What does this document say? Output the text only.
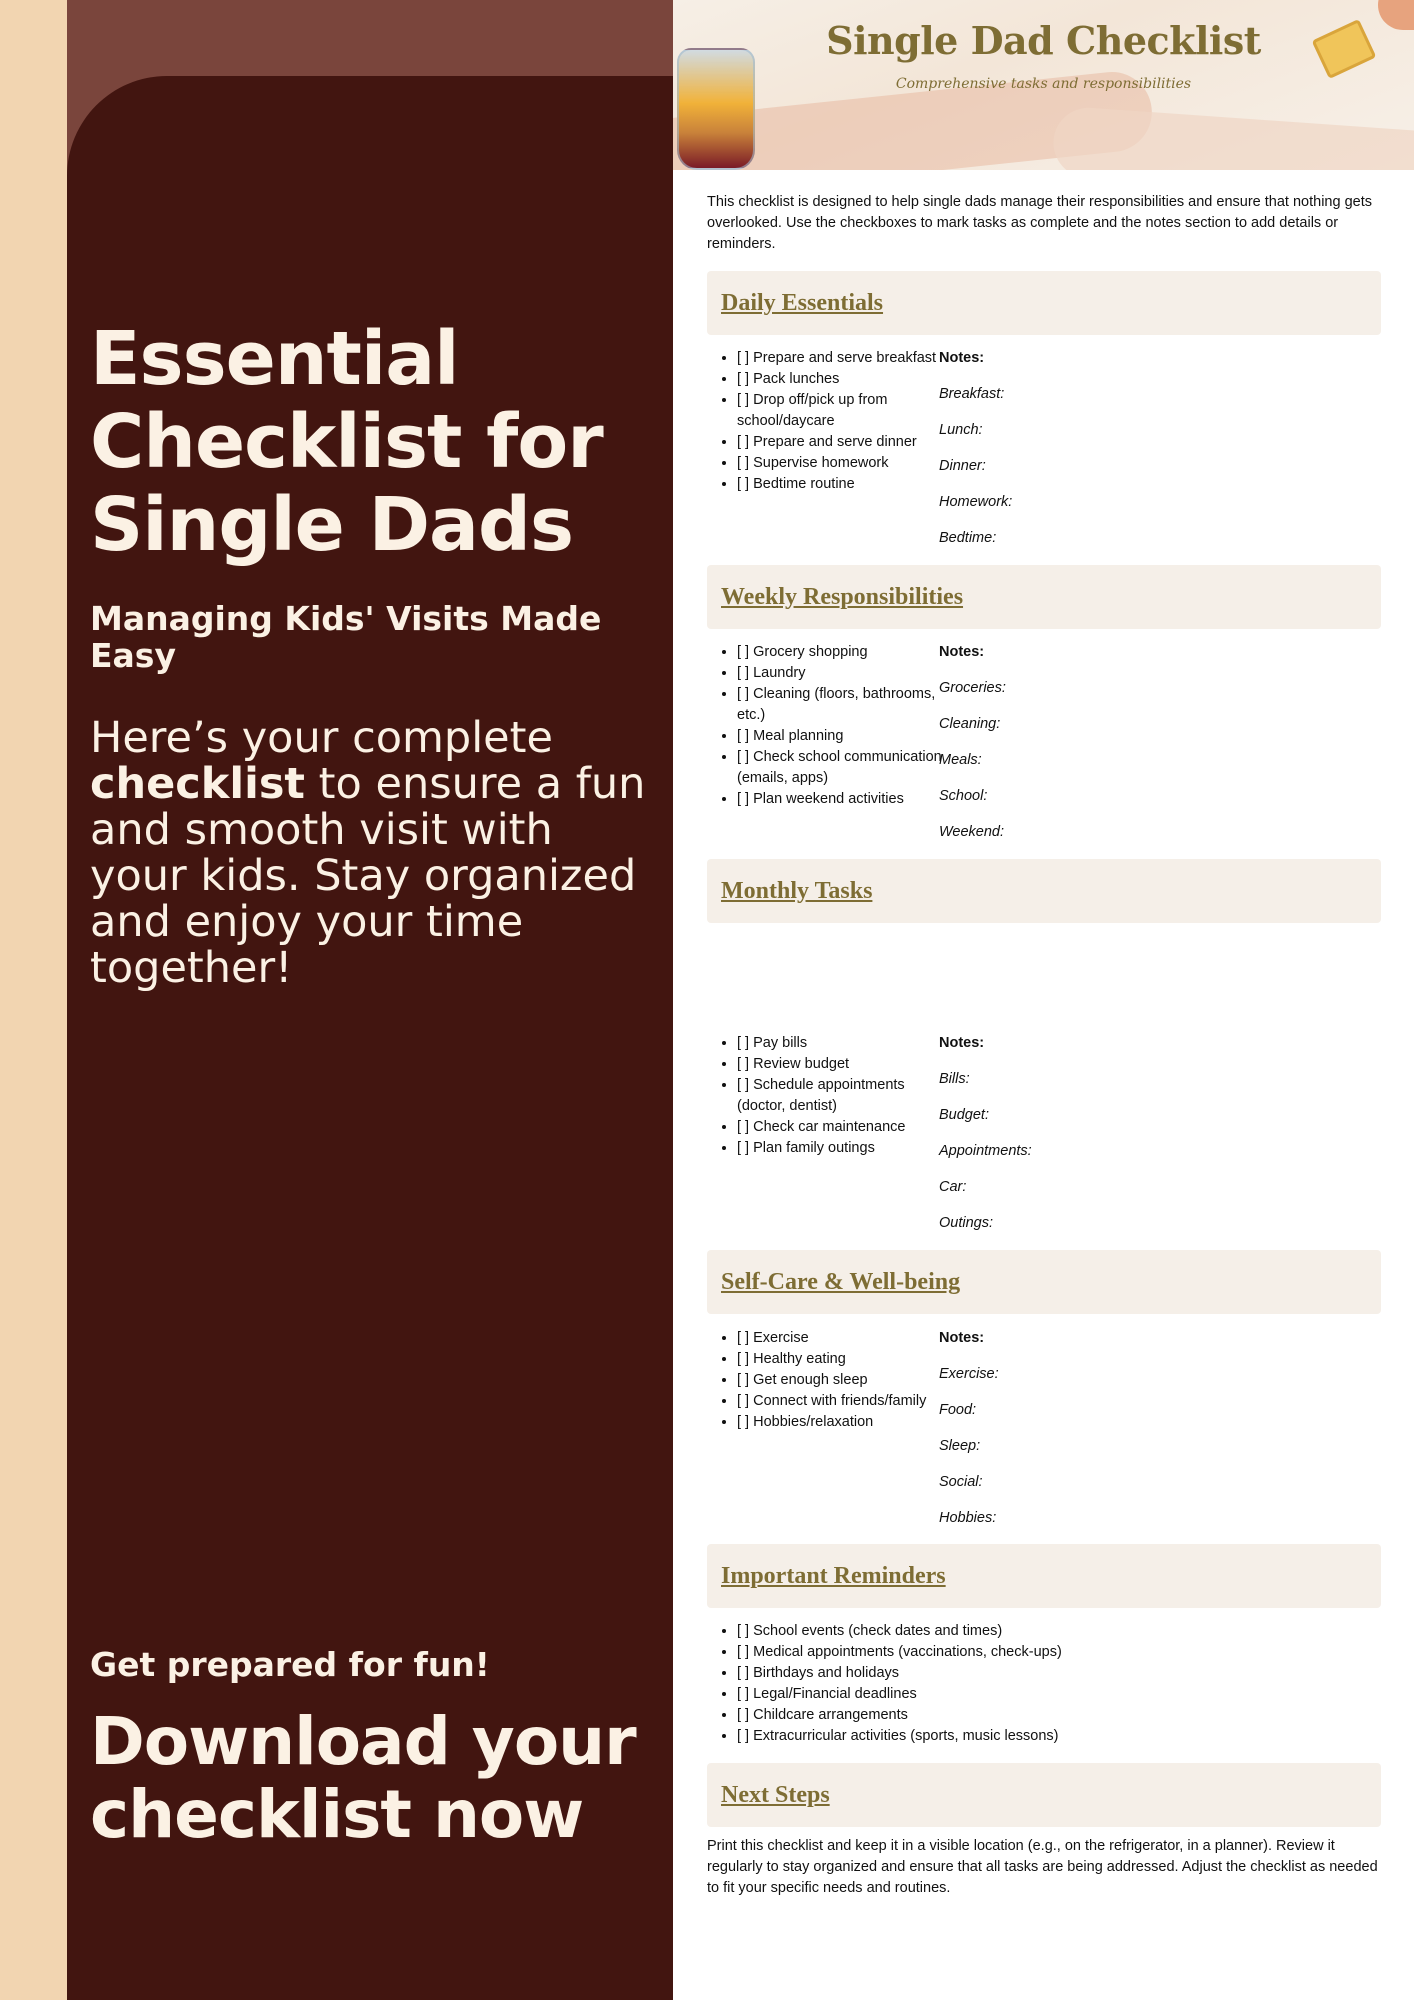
Essential Checklist for Single Dads

Managing Kids' Visits Made Easy

Here’s your complete checklist to ensure a fun and smooth visit with your kids. Stay organized and enjoy your time together!

Get prepared for fun!

Download your checklist now

Single Dad Checklist
Comprehensive tasks and responsibilities

This checklist is designed to help single dads manage their responsibilities and ensure that nothing gets overlooked. Use the checkboxes to mark tasks as complete and the notes section to add details or reminders.

Daily Essentials
• [ ] Prepare and serve breakfast
• [ ] Pack lunches
• [ ] Drop off/pick up from school/daycare
• [ ] Prepare and serve dinner
• [ ] Supervise homework
• [ ] Bedtime routine
Notes:
Breakfast:
Lunch:
Dinner:
Homework:
Bedtime:
Weekly Responsibilities
• [ ] Grocery shopping
• [ ] Laundry
• [ ] Cleaning (floors, bathrooms, etc.)
• [ ] Meal planning
• [ ] Check school communication (emails, apps)
• [ ] Plan weekend activities
Notes:
Groceries:
Cleaning:
Meals:
School:
Weekend:
Monthly Tasks
• [ ] Pay bills
• [ ] Review budget
• [ ] Schedule appointments (doctor, dentist)
• [ ] Check car maintenance
• [ ] Plan family outings
Notes:
Bills:
Budget:
Appointments:
Car:
Outings:
Self-Care & Well-being
• [ ] Exercise
• [ ] Healthy eating
• [ ] Get enough sleep
• [ ] Connect with friends/family
• [ ] Hobbies/relaxation
Notes:
Exercise:
Food:
Sleep:
Social:
Hobbies:
Important Reminders
• [ ] School events (check dates and times)
• [ ] Medical appointments (vaccinations, check-ups)
• [ ] Birthdays and holidays
• [ ] Legal/Financial deadlines
• [ ] Childcare arrangements
• [ ] Extracurricular activities (sports, music lessons)
Next Steps

Print this checklist and keep it in a visible location (e.g., on the refrigerator, in a planner). Review it regularly to stay organized and ensure that all tasks are being addressed. Adjust the checklist as needed to fit your specific needs and routines.
